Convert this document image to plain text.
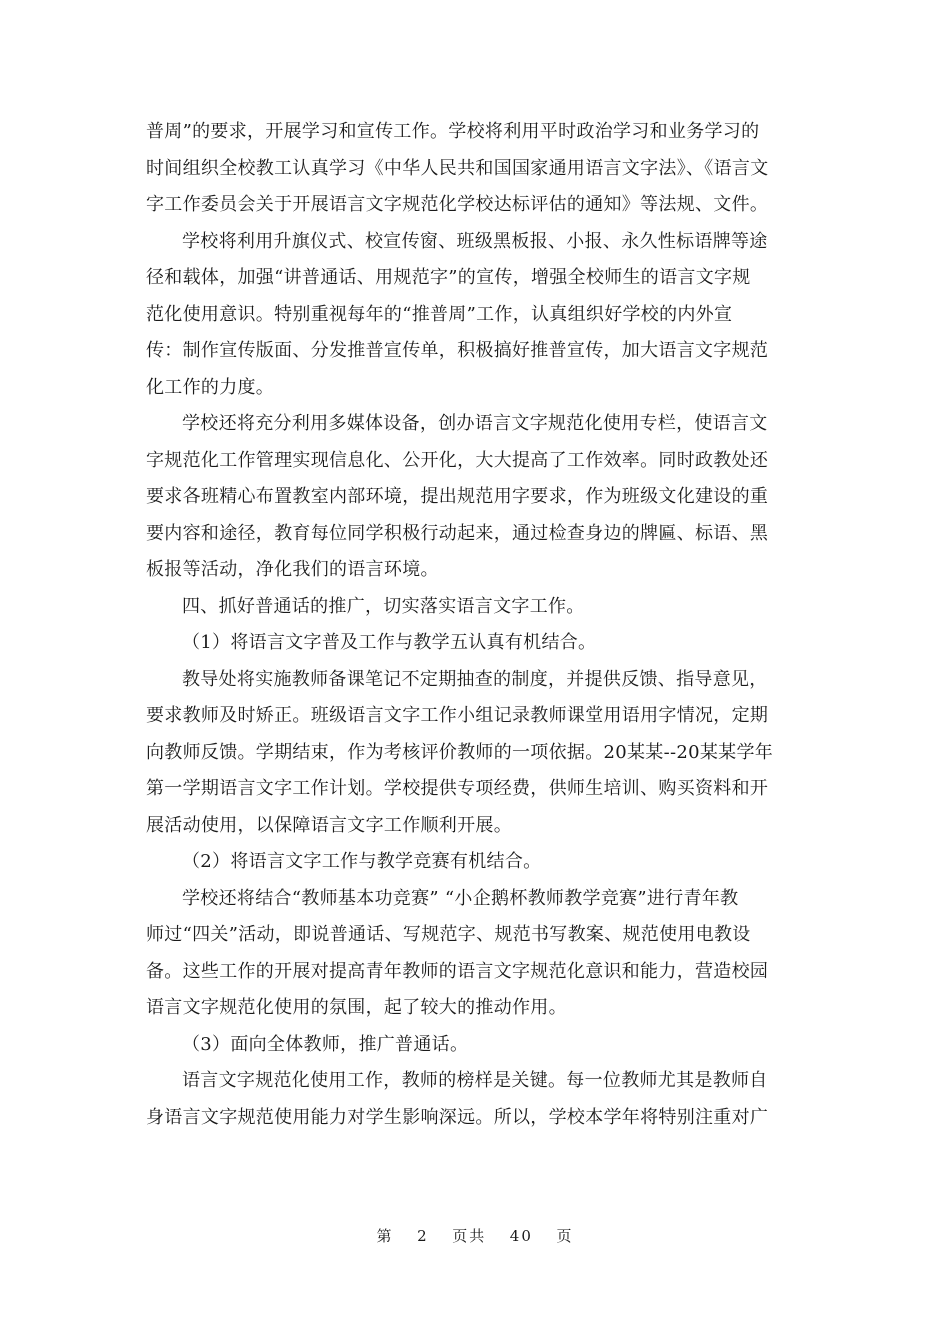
普周”的要求，开展学习和宣传工作。学校将利用平时政治学习和业务学习的
时间组织全校教工认真学习《中华人民共和国国家通用语言文字法》、《语言文
字工作委员会关于开展语言文字规范化学校达标评估的通知》等法规、文件。
学校将利用升旗仪式、校宣传窗、班级黑板报、小报、永久性标语牌等途
径和载体，加强“讲普通话、用规范字”的宣传，增强全校师生的语言文字规
范化使用意识。特别重视每年的“推普周”工作，认真组织好学校的内外宣
传：制作宣传版面、分发推普宣传单，积极搞好推普宣传，加大语言文字规范
化工作的力度。
学校还将充分利用多媒体设备，创办语言文字规范化使用专栏，使语言文
字规范化工作管理实现信息化、公开化，大大提高了工作效率。同时政教处还
要求各班精心布置教室内部环境，提出规范用字要求，作为班级文化建设的重
要内容和途径，教育每位同学积极行动起来，通过检查身边的牌匾、标语、黑
板报等活动，净化我们的语言环境。
四、抓好普通话的推广，切实落实语言文字工作。
（1）将语言文字普及工作与教学五认真有机结合。
教导处将实施教师备课笔记不定期抽查的制度，并提供反馈、指导意见，
要求教师及时矫正。班级语言文字工作小组记录教师课堂用语用字情况，定期
向教师反馈。学期结束，作为考核评价教师的一项依据。20某某--20某某学年
第一学期语言文字工作计划。学校提供专项经费，供师生培训、购买资料和开
展活动使用，以保障语言文字工作顺利开展。
（2）将语言文字工作与教学竞赛有机结合。
学校还将结合“教师基本功竞赛” “小企鹅杯教师教学竞赛”进行青年教
师过“四关”活动，即说普通话、写规范字、规范书写教案、规范使用电教设
备。这些工作的开展对提高青年教师的语言文字规范化意识和能力，营造校园
语言文字规范化使用的氛围，起了较大的推动作用。
（3）面向全体教师，推广普通话。
语言文字规范化使用工作，教师的榜样是关键。每一位教师尤其是教师自
身语言文字规范使用能力对学生影响深远。所以，学校本学年将特别注重对广
第 2 页共 40 页
